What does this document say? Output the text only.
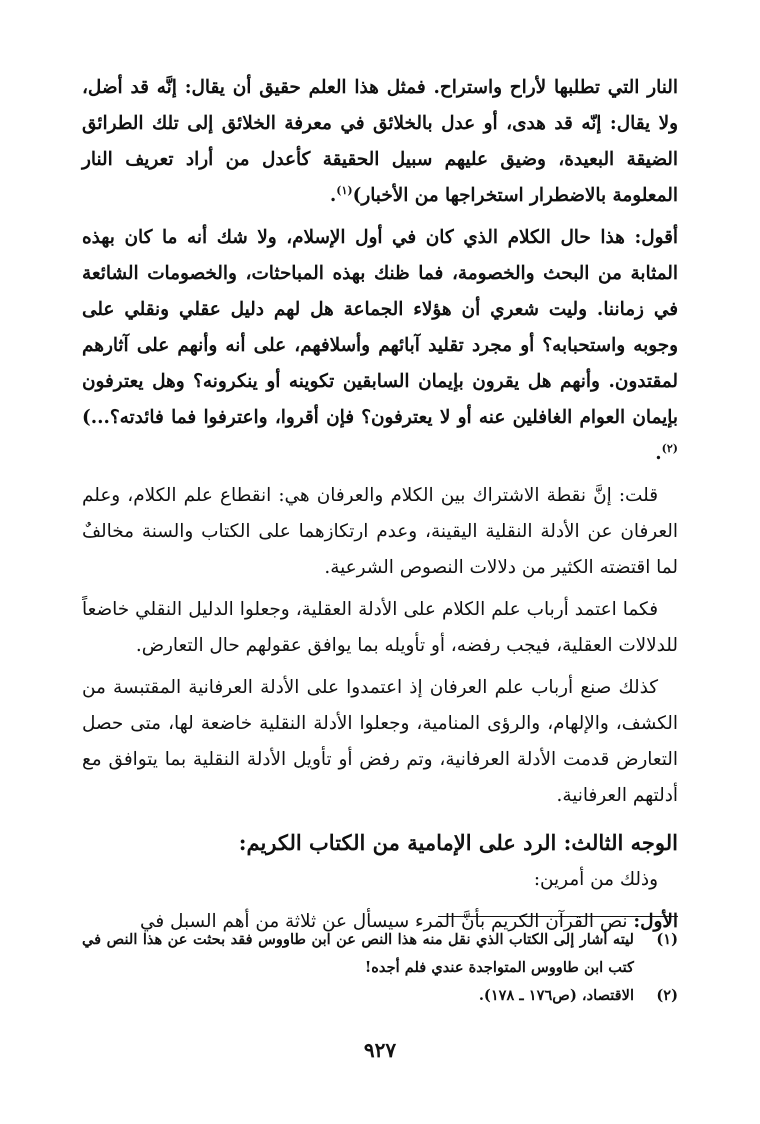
النار التي تطلبها لأراح واستراح. فمثل هذا العلم حقيق أن يقال: إنَّه قد أضل، ولا يقال: إنّه قد هدى، أو عدل بالخلائق في معرفة الخلائق إلى تلك الطرائق الضيقة البعيدة، وضيق عليهم سبيل الحقيقة كأعدل من أراد تعريف النار المعلومة بالاضطرار استخراجها من الأخبار)$^{(١)}$.

أقول: هذا حال الكلام الذي كان في أول الإسلام، ولا شك أنه ما كان بهذه المثابة من البحث والخصومة، فما ظنك بهذه المباحثات، والخصومات الشائعة في زماننا. وليت شعري أن هؤلاء الجماعة هل لهم دليل عقلي ونقلي على وجوبه واستحبابه؟ أو مجرد تقليد آبائهم وأسلافهم، على أنه وأنهم على آثارهم لمقتدون. وأنهم هل يقرون بإيمان السابقين تكوينه أو ينكرونه؟ وهل يعترفون بإيمان العوام الغافلين عنه أو لا يعترفون؟ فإن أقروا، واعترفوا فما فائدته؟...)$^{(٢)}$.

قلت: إنَّ نقطة الاشتراك بين الكلام والعرفان هي: انقطاع علم الكلام، وعلم العرفان عن الأدلة النقلية اليقينة، وعدم ارتكازهما على الكتاب والسنة مخالفٌ لما اقتضته الكثير من دلالات النصوص الشرعية.

فكما اعتمد أرباب علم الكلام على الأدلة العقلية، وجعلوا الدليل النقلي خاضعاً للدلالات العقلية، فيجب رفضه، أو تأويله بما يوافق عقولهم حال التعارض.

كذلك صنع أرباب علم العرفان إذ اعتمدوا على الأدلة العرفانية المقتبسة من الكشف، والإلهام، والرؤى المنامية، وجعلوا الأدلة النقلية خاضعة لها، متى حصل التعارض قدمت الأدلة العرفانية، وتم رفض أو تأويل الأدلة النقلية بما يتوافق مع أدلتهم العرفانية.

الوجه الثالث: الرد على الإمامية من الكتاب الكريم:

وذلك من أمرين:

الأول: نص القرآن الكريم بأنَّ المرء سيسأل عن ثلاثة من أهم السبل في

(١)
ليته أشار إلى الكتاب الذي نقل منه هذا النص عن ابن طاووس فقد بحثت عن هذا النص في كتب ابن طاووس المتواجدة عندي فلم أجده!
(٢)
الاقتصاد، (ص١٧٦ ـ ١٧٨).
٩٢٧
